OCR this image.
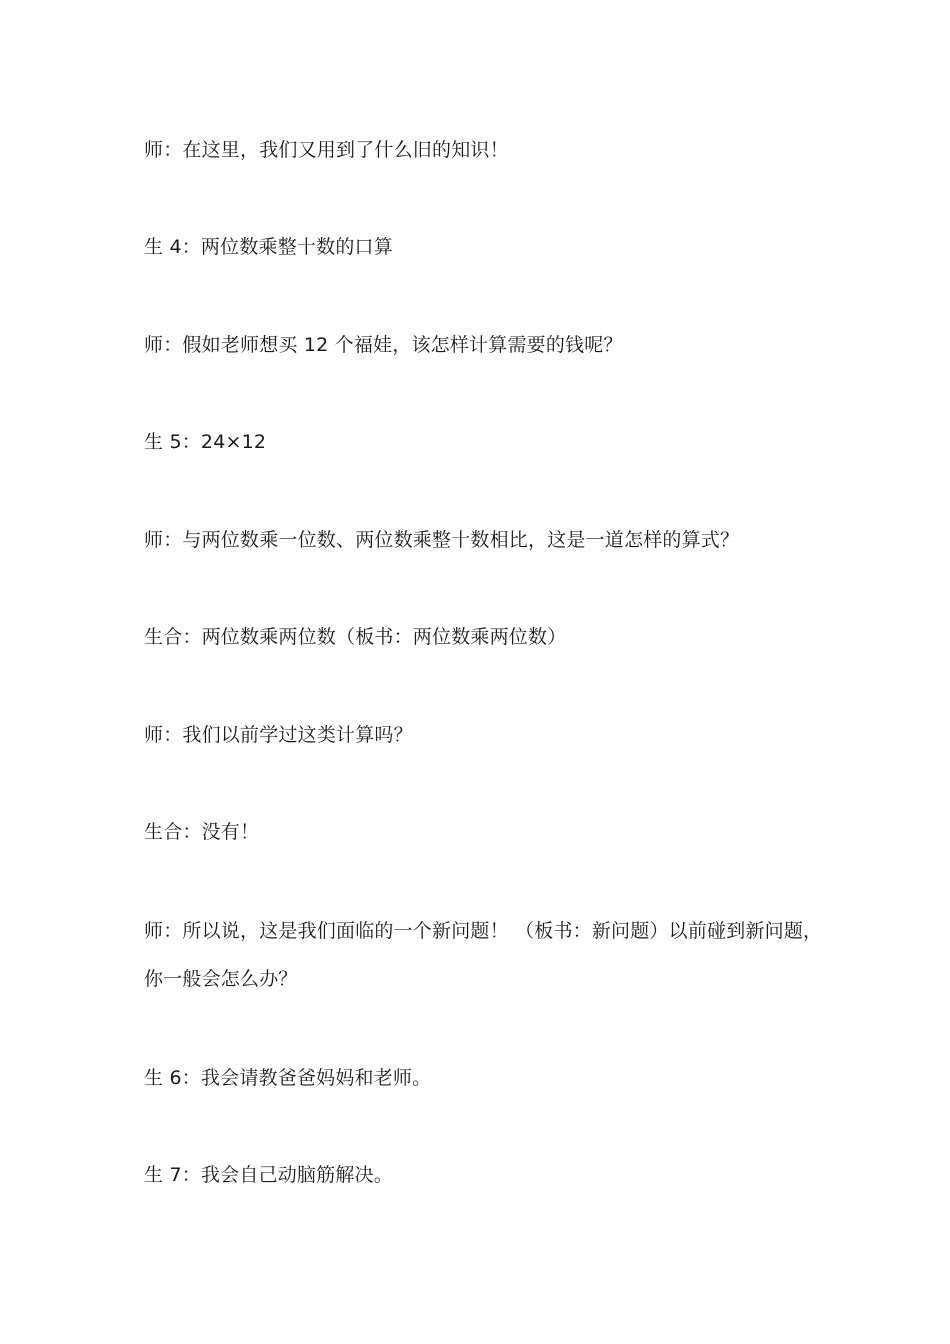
师：在这里，我们又用到了什么旧的知识！

生 4：两位数乘整十数的口算

师：假如老师想买 12 个福娃，该怎样计算需要的钱呢？

生 5：24×12

师：与两位数乘一位数、两位数乘整十数相比，这是一道怎样的算式？

生合：两位数乘两位数（板书：两位数乘两位数）

师：我们以前学过这类计算吗？

生合：没有！

师：所以说，这是我们面临的一个新问题！ （板书：新问题）以前碰到新问题，
你一般会怎么办？

生 6：我会请教爸爸妈妈和老师。

生 7：我会自己动脑筋解决。
